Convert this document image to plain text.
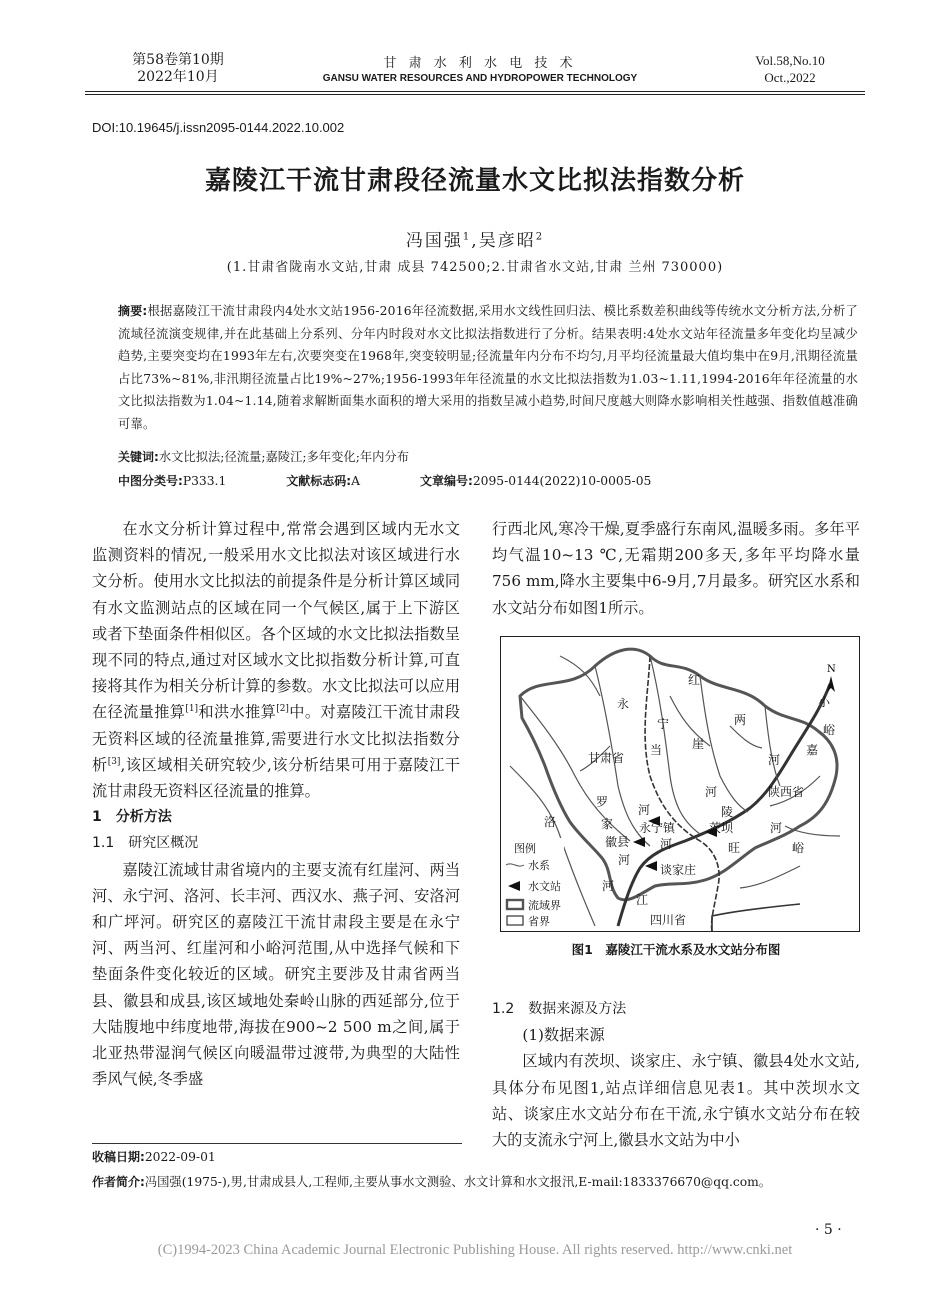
第58卷第10期
2022年10月
甘 肃 水 利 水 电 技 术
GANSU WATER RESOURCES AND HYDROPOWER TECHNOLOGY
Vol.58,No.10
Oct.,2022
DOI:10.19645/j.issn2095-0144.2022.10.002
嘉陵江干流甘肃段径流量水文比拟法指数分析
冯国强$^1$,吴彦昭$^2$
(1.甘肃省陇南水文站,甘肃 成县 742500;2.甘肃省水文站,甘肃 兰州 730000)
摘要:根据嘉陵江干流甘肃段内4处水文站1956-2016年径流数据,采用水文线性回归法、模比系数差积曲线等传统水文分析方法,分析了流域径流演变规律,并在此基础上分系列、分年内时段对水文比拟法指数进行了分析。结果表明:4处水文站年径流量多年变化均呈减少趋势,主要突变均在1993年左右,次要突变在1968年,突变较明显;径流量年内分布不均匀,月平均径流量最大值均集中在9月,汛期径流量占比73%~81%,非汛期径流量占比19%~27%;1956-1993年年径流量的水文比拟法指数为1.03~1.11,1994-2016年年径流量的水文比拟法指数为1.04~1.14,随着求解断面集水面积的增大采用的指数呈减小趋势,时间尺度越大则降水影响相关性越强、指数值越准确可靠。
关键词:水文比拟法;径流量;嘉陵江;多年变化;年内分布
中图分类号:P333.1	文献标志码:A	文章编号:2095-0144(2022)10-0005-05

在水文分析计算过程中,常常会遇到区域内无水文监测资料的情况,一般采用水文比拟法对该区域进行水文分析。使用水文比拟法的前提条件是分析计算区域同有水文监测站点的区域在同一个气候区,属于上下游区或者下垫面条件相似区。各个区域的水文比拟法指数呈现不同的特点,通过对区域水文比拟指数分析计算,可直接将其作为相关分析计算的参数。水文比拟法可以应用在径流量推算[1]和洪水推算[2]中。对嘉陵江干流甘肃段无资料区域的径流量推算,需要进行水文比拟法指数分析[3],该区域相关研究较少,该分析结果可用于嘉陵江干流甘肃段无资料区径流量的推算。

1　分析方法

1.1　研究区概况

嘉陵江流域甘肃省境内的主要支流有红崖河、两当河、永宁河、洛河、长丰河、西汉水、燕子河、安洛河和广坪河。研究区的嘉陵江干流甘肃段主要是在永宁河、两当河、红崖河和小峪河范围,从中选择气候和下垫面条件变化较近的区域。研究主要涉及甘肃省两当县、徽县和成县,该区域地处秦岭山脉的西延部分,位于大陆腹地中纬度地带,海拔在900~2 500 m之间,属于北亚热带湿润气候区向暖温带过渡带,为典型的大陆性季风气候,冬季盛

行西北风,寒冷干燥,夏季盛行东南风,温暖多雨。多年平均气温10~13 ℃,无霜期200多天,多年平均降水量756 mm,降水主要集中6-9月,7月最多。研究区水系和水文站分布如图1所示。

N
永
红
两
崖
当
宁
甘肃省
小
峪
嘉
河
陕西省
河
罗
家
河
永宁镇
河
陵
茨坝
旺	峪
徽县
河
洛
河
谈家庄
河
江
四川省
图例
水系
水文站
流域界
省界
图1　嘉陵江干流水系及水文站分布图

1.2　数据来源及方法

(1)数据来源

区域内有茨坝、谈家庄、永宁镇、徽县4处水文站,具体分布见图1,站点详细信息见表1。其中茨坝水文站、谈家庄水文站分布在干流,永宁镇水文站分布在较大的支流永宁河上,徽县水文站为中小

收稿日期:2022-09-01
作者简介:冯国强(1975-),男,甘肃成县人,工程师,主要从事水文测验、水文计算和水文报汛,E-mail:1833376670@qq.com。
· 5 ·
(C)1994-2023 China Academic Journal Electronic Publishing House. All rights reserved. http://www.cnki.net
